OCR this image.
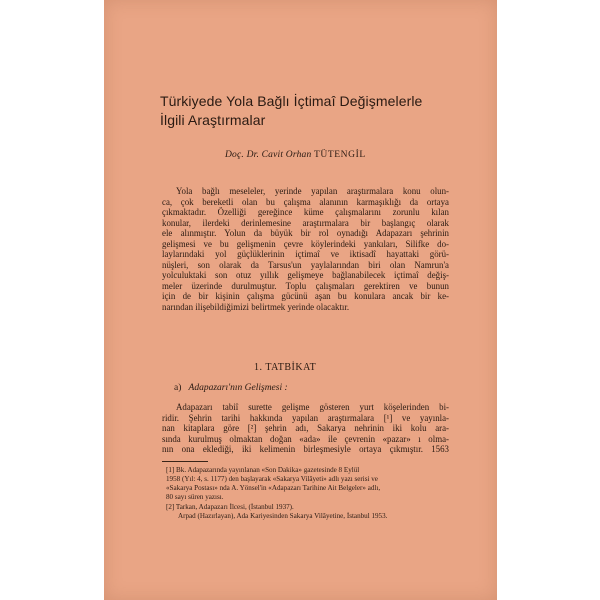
Türkiyede Yola Bağlı İçtimaî Değişmelerle
İlgili Araştırmalar
Doç. Dr. Cavit Orhan TÜTENGİL
Yola bağlı meseleler, yerinde yapılan araştırmalara konu olun-
ca, çok bereketli olan bu çalışma alanının karmaşıklığı da ortaya
çıkmaktadır. Özelliği gereğince küme çalışmalarını zorunlu kılan
konular, ilerdeki derinlemesine araştırmalara bir başlangıç olarak
ele alınmıştır. Yolun da büyük bir rol oynadığı Adapazarı şehrinin
gelişmesi ve bu gelişmenin çevre köylerindeki yankıları, Silifke do-
laylarındaki yol güçlüklerinin içtimaî ve iktisadî hayattaki görü-
nüşleri, son olarak da Tarsus'un yaylalarından biri olan Namrun'a
yolculuktaki son otuz yıllık gelişmeye bağlanabilecek içtimaî değiş-
meler üzerinde durulmuştur. Toplu çalışmaları gerektiren ve bunun
için de bir kişinin çalışma gücünü aşan bu konulara ancak bir ke-
narından ilişebildiğimizi belirtmek yerinde olacaktır.
1. TATBİKAT
a) Adapazarı'nın Gelişmesi :
Adapazarı tabiî surette gelişme gösteren yurt köşelerinden bi-
ridir. Şehrin tarihi hakkında yapılan araştırmalara [¹] ve yayınla-
nan kitaplara göre [²] şehrin adı, Sakarya nehrinin iki kolu ara-
sında kurulmuş olmaktan doğan «ada» ile çevrenin «pazar» ı olma-
nın ona eklediği, iki kelimenin birleşmesiyle ortaya çıkmıştır. 1563
[1] Bk. Adapazarında yayınlanan «Son Dakika» gazetesinde 8 Eylül
1958 (Yıl: 4, s. 1177) den başlayarak «Sakarya Vilâyeti» adlı yazı serisi ve
«Sakarya Postası» nda A. Yönsel'in «Adapazarı Tarihine Ait Belgeler» adlı,
80 sayı süren yazısı.
[2] Tarkan, Adapazarı İlcesi, (İstanbul 1937).
Arpad (Hazırlayan), Ada Kariyesinden Sakarya Vilâyetine, İstanbul 1953.
